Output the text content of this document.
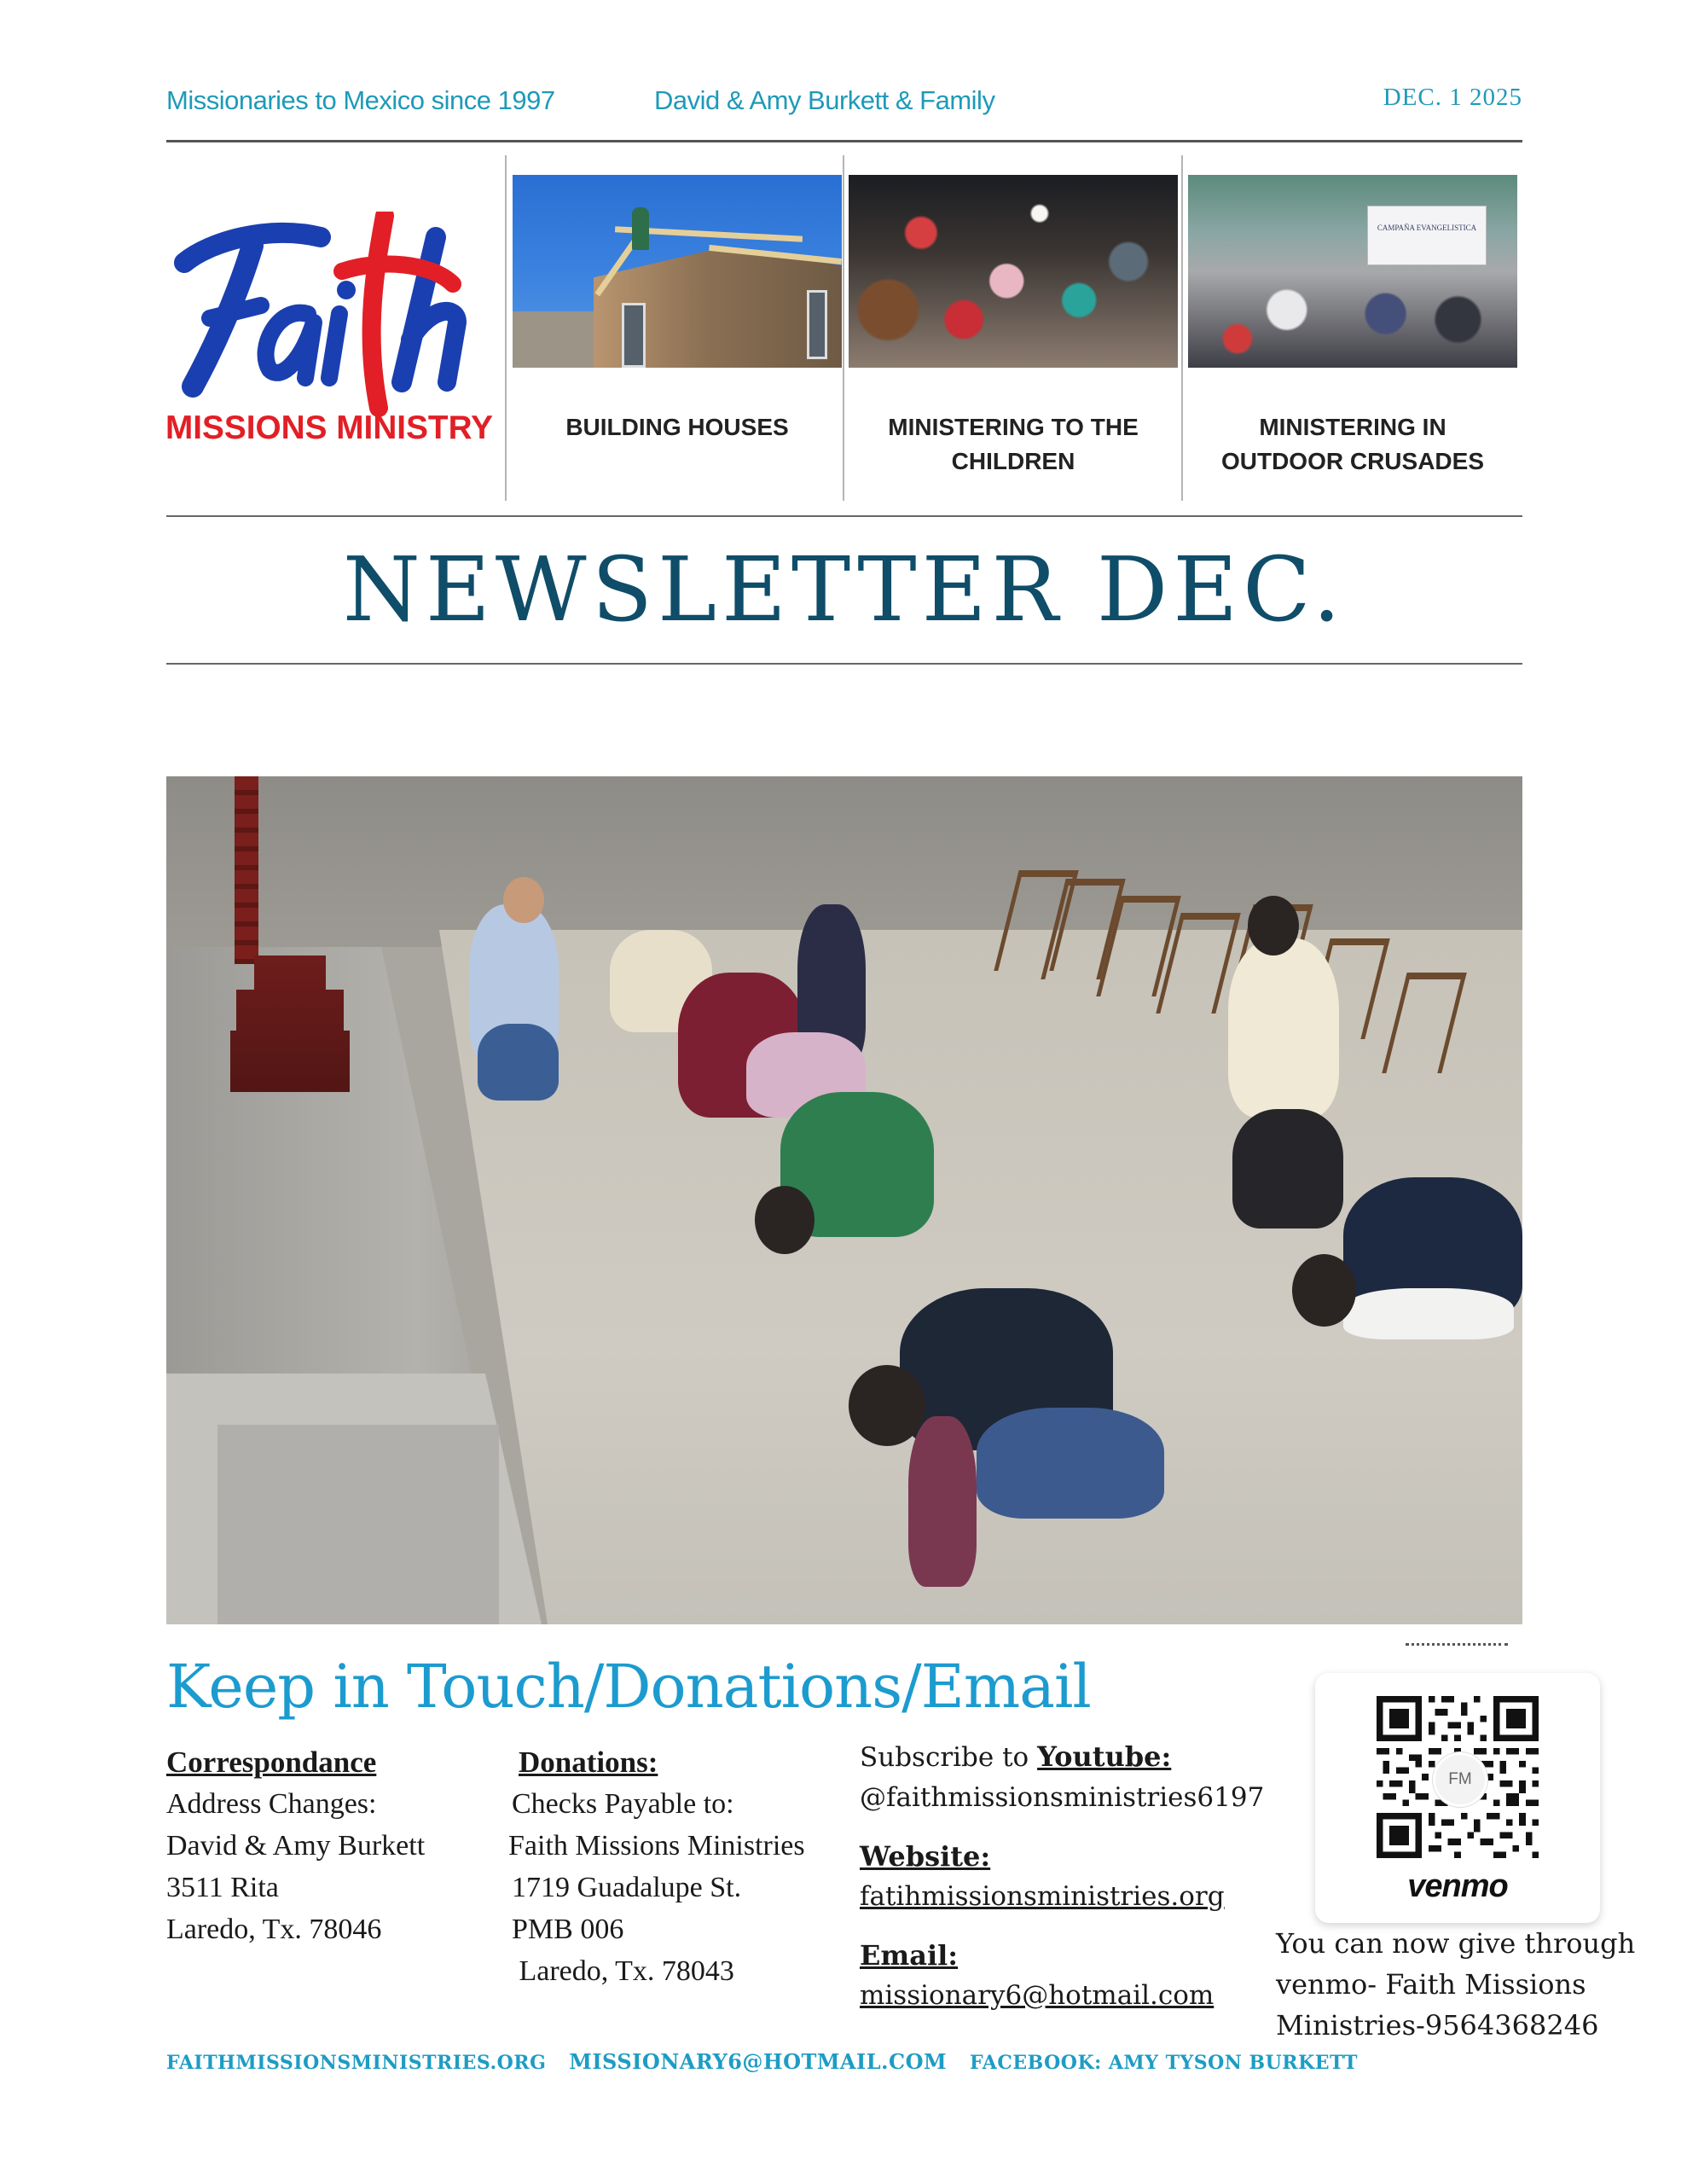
Missionaries to Mexico since 1997	David & Amy Burkett & Family	DEC. 1 2025
MISSIONS MINISTRY	BUILDING HOUSES	MINISTERING TO THE
CHILDREN
CAMPAÑA EVANGELISTICA
MINISTERING IN
OUTDOOR CRUSADES
NEWSLETTER DEC.
Keep in Touch/Donations/Email
Correspondance
Address Changes:
David & Amy Burkett
3511 Rita
Laredo, Tx. 78046
Donations:
Checks Payable to:
Faith Missions Ministries
1719 Guadalupe St.
PMB 006
Laredo, Tx. 78043
Subscribe to Youtube:
@faithmissionsministries6197
Website:
fatihmissionsministries.org
Email:
missionary6@hotmail.com
FM
venmo
You can now give through
venmo- Faith Missions
Ministries-9564368246
FAITHMISSIONSMINISTRIES.ORG MISSIONARY6@HOTMAIL.COM FACEBOOK: AMY TYSON BURKETT
